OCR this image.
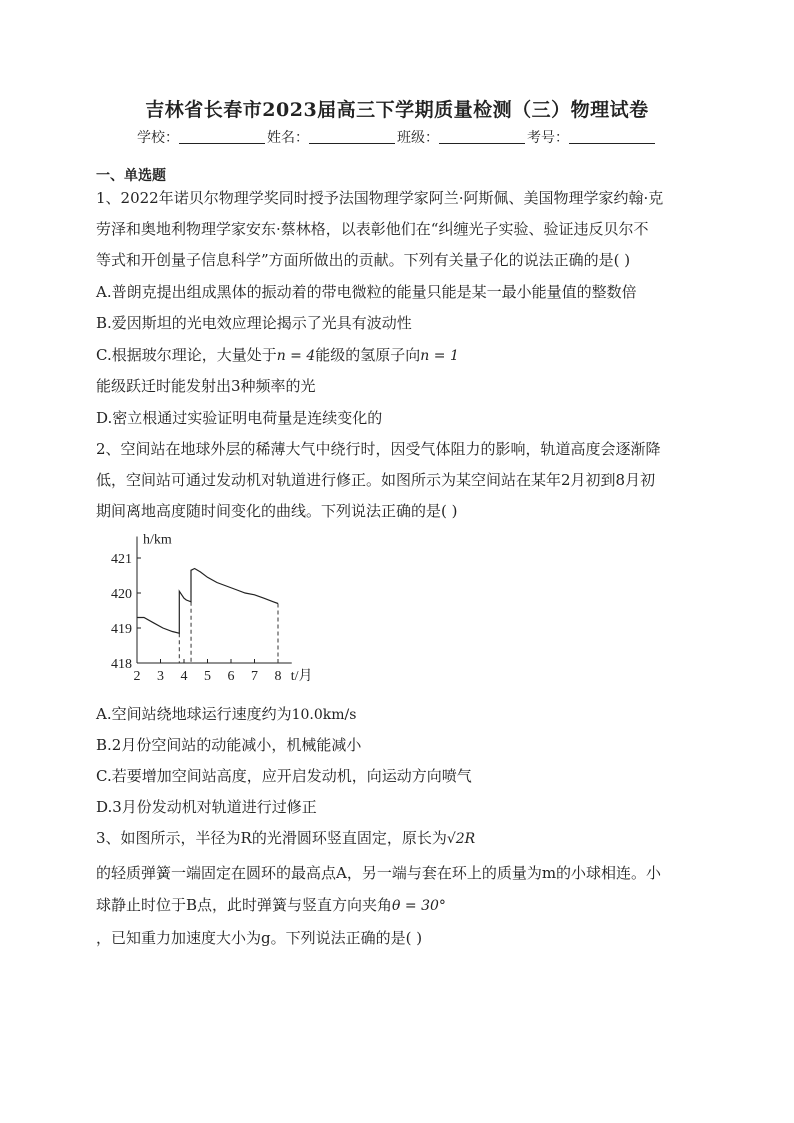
吉林省长春市2023届高三下学期质量检测（三）物理试卷
学校：	姓名：	班级：	考号：
一、单选题
1、2022年诺贝尔物理学奖同时授予法国物理学家阿兰·阿斯佩、美国物理学家约翰·克
劳泽和奥地利物理学家安东·蔡林格，以表彰他们在“纠缠光子实验、验证违反贝尔不
等式和开创量子信息科学”方面所做出的贡献。下列有关量子化的说法正确的是( )
A.普朗克提出组成黑体的振动着的带电微粒的能量只能是某一最小能量值的整数倍
B.爱因斯坦的光电效应理论揭示了光具有波动性
C.根据玻尔理论，大量处于n = 4能级的氢原子向n = 1
能级跃迁时能发射出3种频率的光
D.密立根通过实验证明电荷量是连续变化的
2、空间站在地球外层的稀薄大气中绕行时，因受气体阻力的影响，轨道高度会逐渐降
低，空间站可通过发动机对轨道进行修正。如图所示为某空间站在某年2月初到8月初
期间离地高度随时间变化的曲线。下列说法正确的是( )
418
419
420
421
2 3 4 5 6 7 8
h/km
t/月
A.空间站绕地球运行速度约为10.0km/s
B.2月份空间站的动能减小，机械能减小
C.若要增加空间站高度，应开启发动机，向运动方向喷气
D.3月份发动机对轨道进行过修正
3、如图所示，半径为R的光滑圆环竖直固定，原长为√2R
的轻质弹簧一端固定在圆环的最高点A，另一端与套在环上的质量为m的小球相连。小
球静止时位于B点，此时弹簧与竖直方向夹角θ = 30°
，已知重力加速度大小为g。下列说法正确的是( )
